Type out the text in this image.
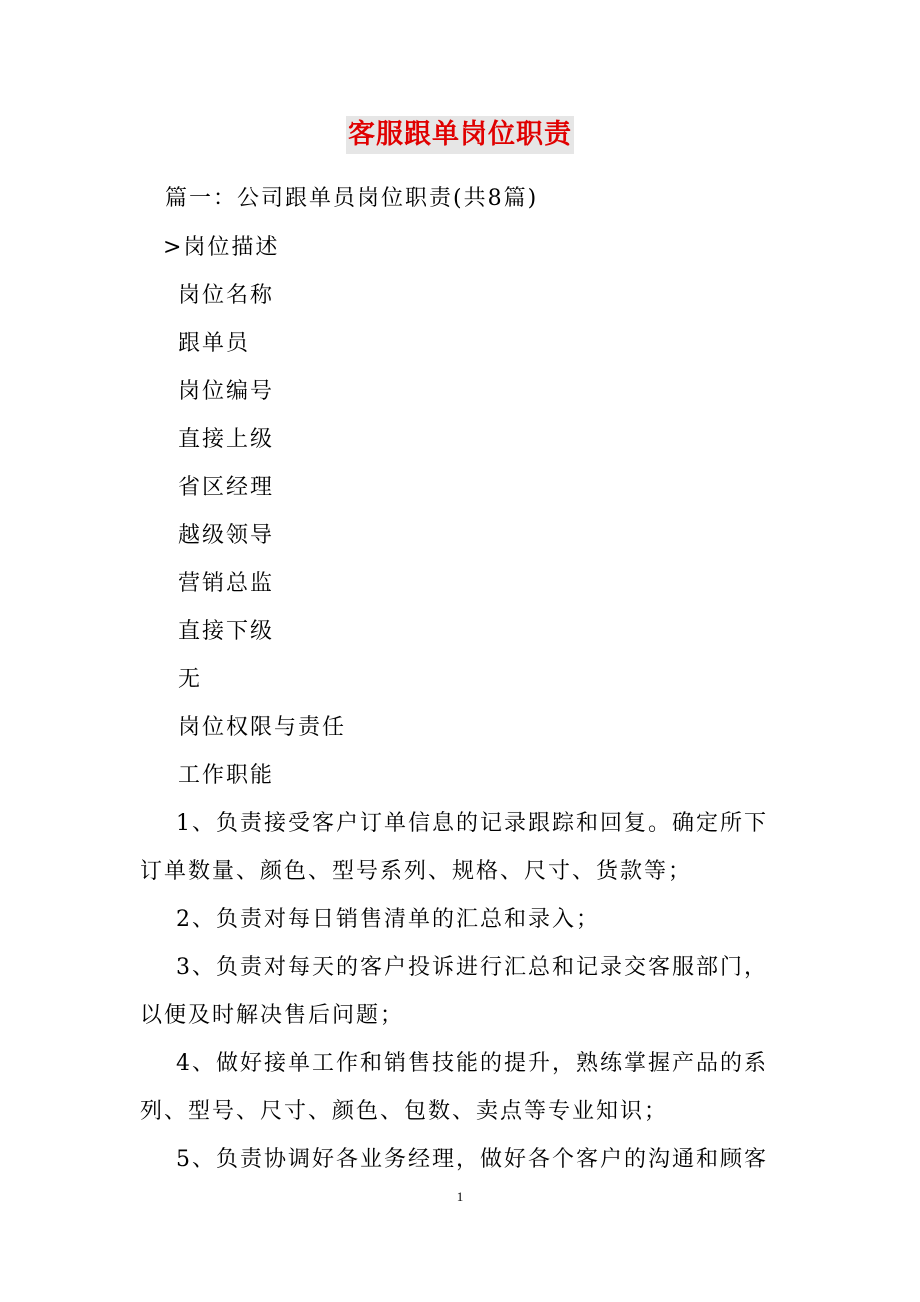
客服跟单岗位职责
篇一：公司跟单员岗位职责(共8篇)
>岗位描述
岗位名称
跟单员
岗位编号
直接上级
省区经理
越级领导
营销总监
直接下级
无
岗位权限与责任
工作职能
1、负责接受客户订单信息的记录跟踪和回复。确定所下
订单数量、颜色、型号系列、规格、尺寸、货款等；
2、负责对每日销售清单的汇总和录入；
3、负责对每天的客户投诉进行汇总和记录交客服部门，
以便及时解决售后问题；
4、做好接单工作和销售技能的提升，熟练掌握产品的系
列、型号、尺寸、颜色、包数、卖点等专业知识；
5、负责协调好各业务经理，做好各个客户的沟通和顾客
1
